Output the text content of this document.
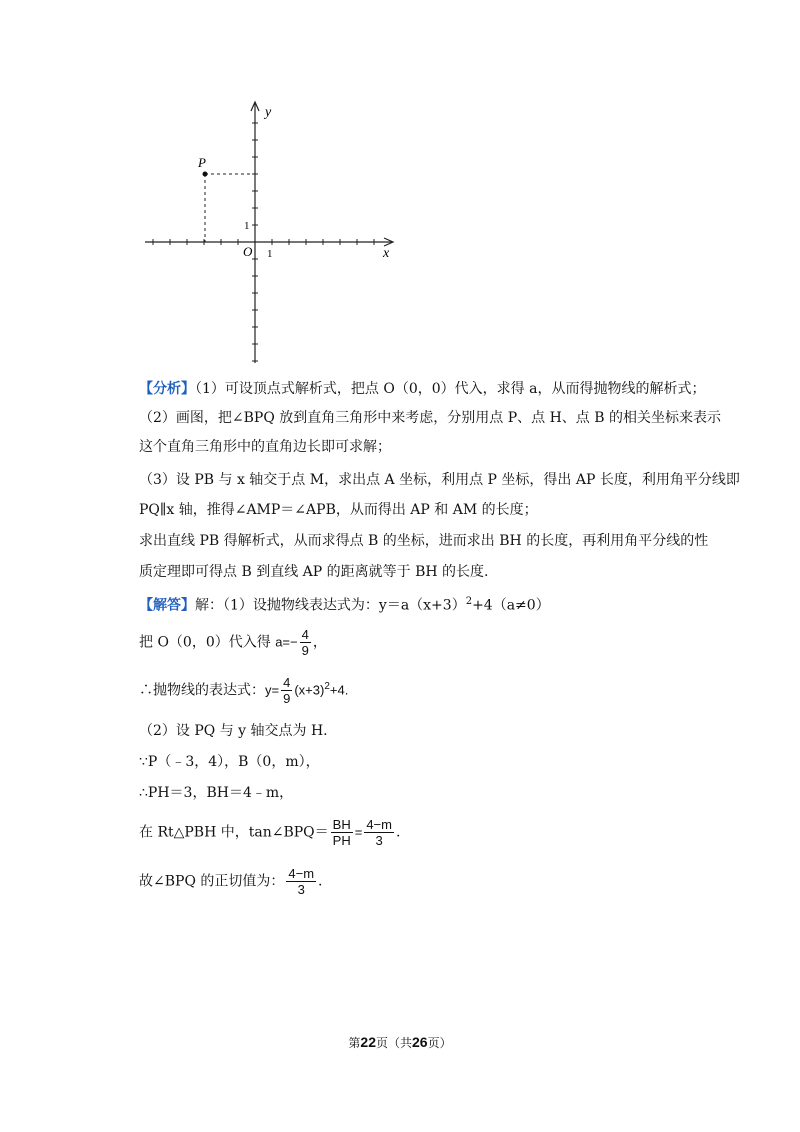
P
y
x
O 1
1
【分析】（1）可设顶点式解析式，把点 O（0，0）代入，求得 a，从而得抛物线的解析式；
（2）画图，把∠BPQ 放到直角三角形中来考虑，分别用点 P、点 H、点 B 的相关坐标来表示
这个直角三角形中的直角边长即可求解；
（3）设 PB 与 x 轴交于点 M，求出点 A 坐标，利用点 P 坐标，得出 AP 长度，利用角平分线即
PQ∥x 轴，推得∠AMP＝∠APB，从而得出 AP 和 AM 的长度；
求出直线 PB 得解析式，从而求得点 B 的坐标，进而求出 BH 的长度，再利用角平分线的性
质定理即可得点 B 到直线 AP 的距离就等于 BH 的长度.
【解答】解：（1）设抛物线表达式为：$y=a(x+3)^2+4(a\ne 0)$
把 O（0，0）代入得 $a=- \frac{4}{9}$ ，
∴抛物线的表达式：$y= \frac{4}{9} (x+3)^2+4$.
（2）设 PQ 与 y 轴交点为 H.
∵P（﹣3，4），B（0，m），
∴PH＝3，BH＝4﹣m，
在 Rt△PBH 中，tan∠BPQ＝ $\frac{BH}{PH} = \frac{4-m}{3}$ .
故∠BPQ 的正切值为： $\frac{4-m}{3}$ .
第22页（共26页）
